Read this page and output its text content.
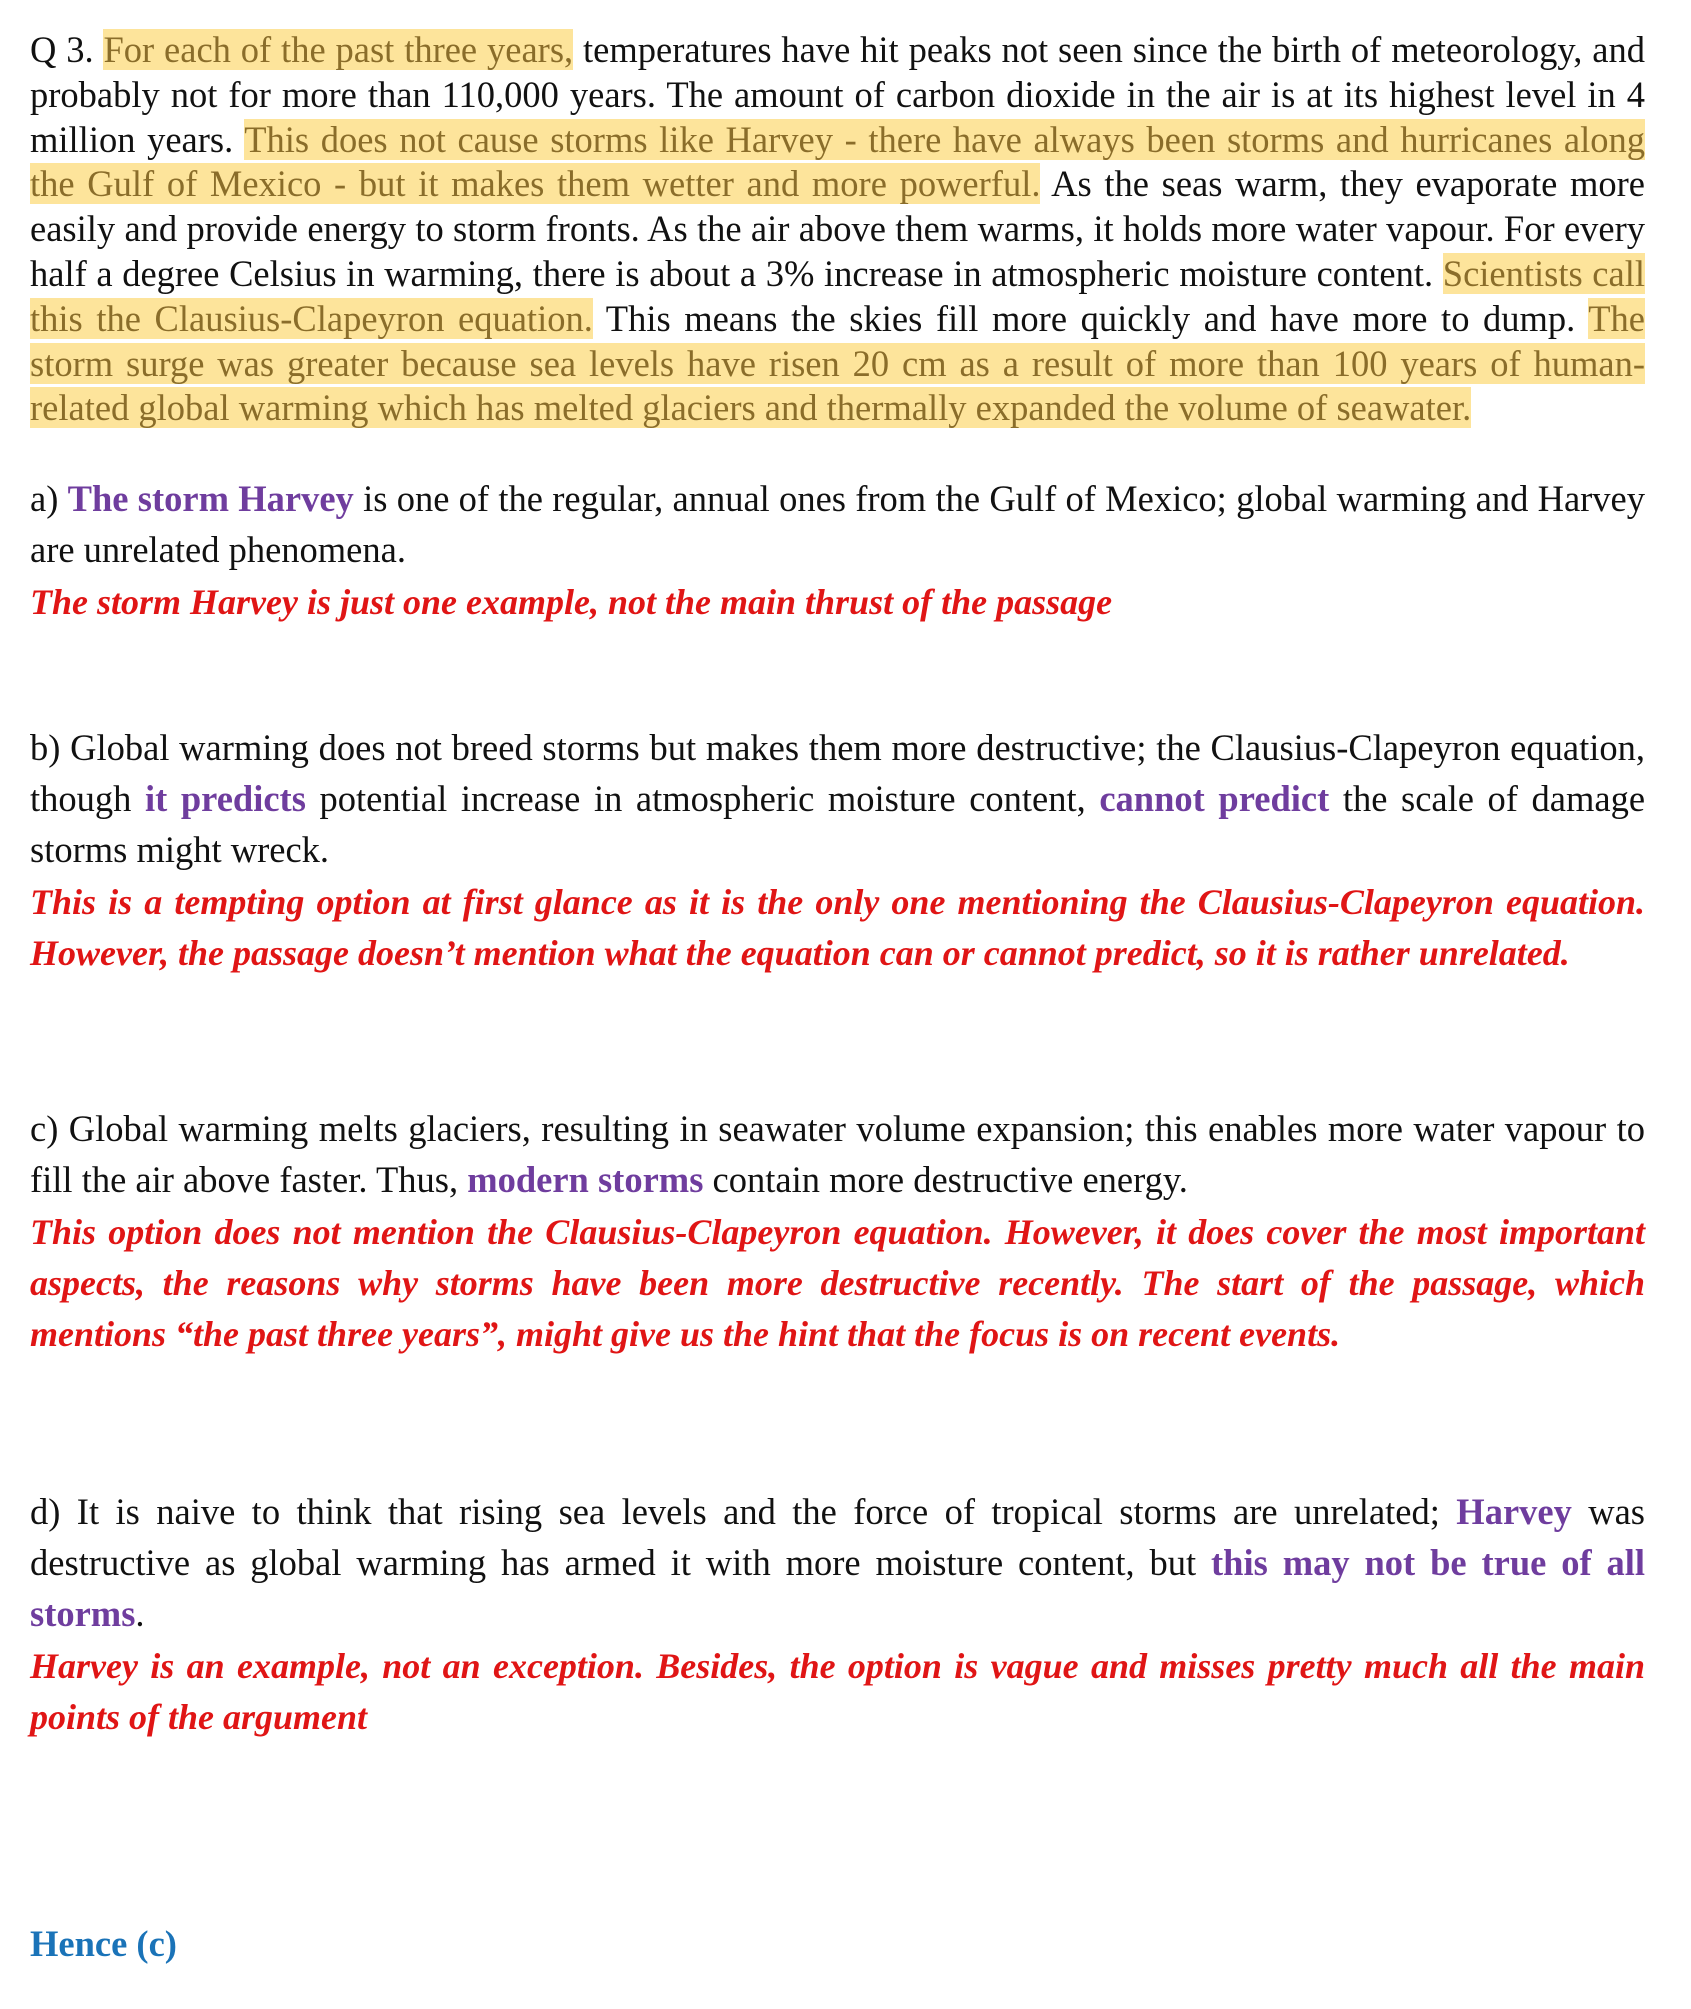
Q 3. For each of the past three years, temperatures have hit peaks not seen since the birth of meteorology, and probably not for more than 110,000 years. The amount of carbon dioxide in the air is at its highest level in 4 million years. This does not cause storms like Harvey - there have always been storms and hurricanes along the Gulf of Mexico - but it makes them wetter and more powerful. As the seas warm, they evaporate more easily and provide energy to storm fronts. As the air above them warms, it holds more water vapour. For every half a degree Celsius in warming, there is about a 3% increase in atmospheric moisture content. Scientists call this the Clausius-Clapeyron equation. This means the skies fill more quickly and have more to dump. The storm surge was greater because sea levels have risen 20 cm as a result of more than 100 years of human-related global warming which has melted glaciers and thermally expanded the volume of seawater.

a) The storm Harvey is one of the regular, annual ones from the Gulf of Mexico; global warming and Harvey are unrelated phenomena.

The storm Harvey is just one example, not the main thrust of the passage

b) Global warming does not breed storms but makes them more destructive; the Clausius-Clapeyron equation, though it predicts potential increase in atmospheric moisture content, cannot predict the scale of damage storms might wreck.

This is a tempting option at first glance as it is the only one mentioning the Clausius-Clapeyron equation. However, the passage doesn’t mention what the equation can or cannot predict, so it is rather unrelated.

c) Global warming melts glaciers, resulting in seawater volume expansion; this enables more water vapour to fill the air above faster. Thus, modern storms contain more destructive energy.

This option does not mention the Clausius-Clapeyron equation. However, it does cover the most important aspects, the reasons why storms have been more destructive recently. The start of the passage, which mentions “the past three years”, might give us the hint that the focus is on recent events.

d) It is naive to think that rising sea levels and the force of tropical storms are unrelated; Harvey was destructive as global warming has armed it with more moisture content, but this may not be true of all storms.

Harvey is an example, not an exception. Besides, the option is vague and misses pretty much all the main points of the argument

Hence (c)
